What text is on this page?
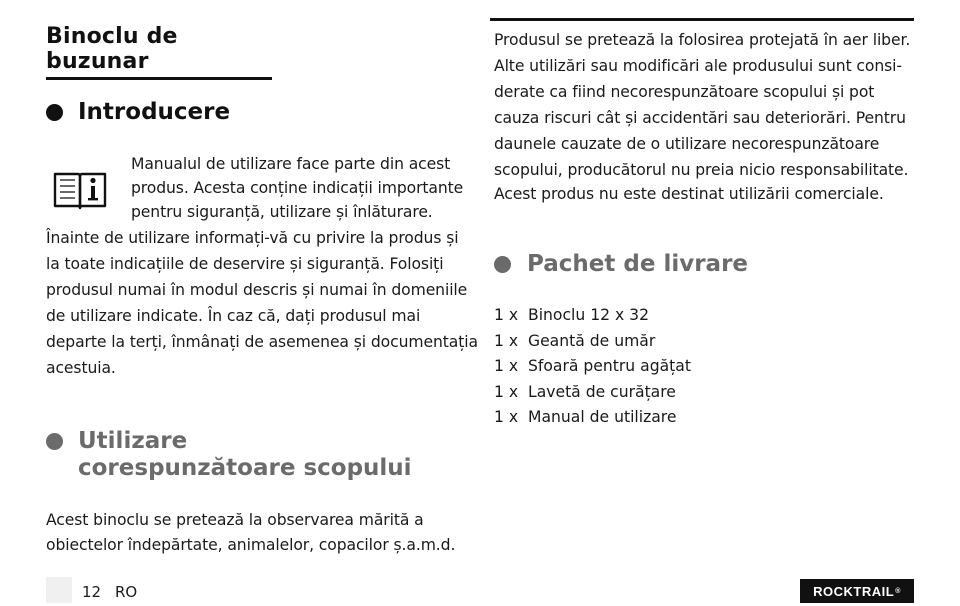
Binoclu de buzunar
Introducere
Manualul de utilizare face parte din acest
produs. Acesta conține indicații importante
pentru siguranță, utilizare și înlăturare.
Înainte de utilizare informați-vă cu privire la produs și
la toate indicațiile de deservire și siguranță. Folosiți
produsul numai în modul descris și numai în domeniile
de utilizare indicate. În caz că, dați produsul mai
departe la terți, înmânați de asemenea și documentația
acestuia.
Utilizare
corespunzătoare scopului
Acest binoclu se pretează la observarea mărită a
obiectelor îndepărtate, animalelor, copacilor ș.a.m.d.
Produsul se pretează la folosirea protejată în aer liber.
Alte utilizări sau modificări ale produsului sunt consi-
derate ca fiind necorespunzătoare scopului și pot
cauza riscuri cât și accidentări sau deteriorări. Pentru
daunele cauzate de o utilizare necorespunzătoare
scopului, producătorul nu preia nicio responsabilitate.
Acest produs nu este destinat utilizării comerciale.
Pachet de livrare
1 x Binoclu 12 x 32
1 x Geantă de umăr
1 x Sfoară pentru agățat
1 x Lavetă de curățare
1 x Manual de utilizare
12 RO	ROCKTRAIL ®
